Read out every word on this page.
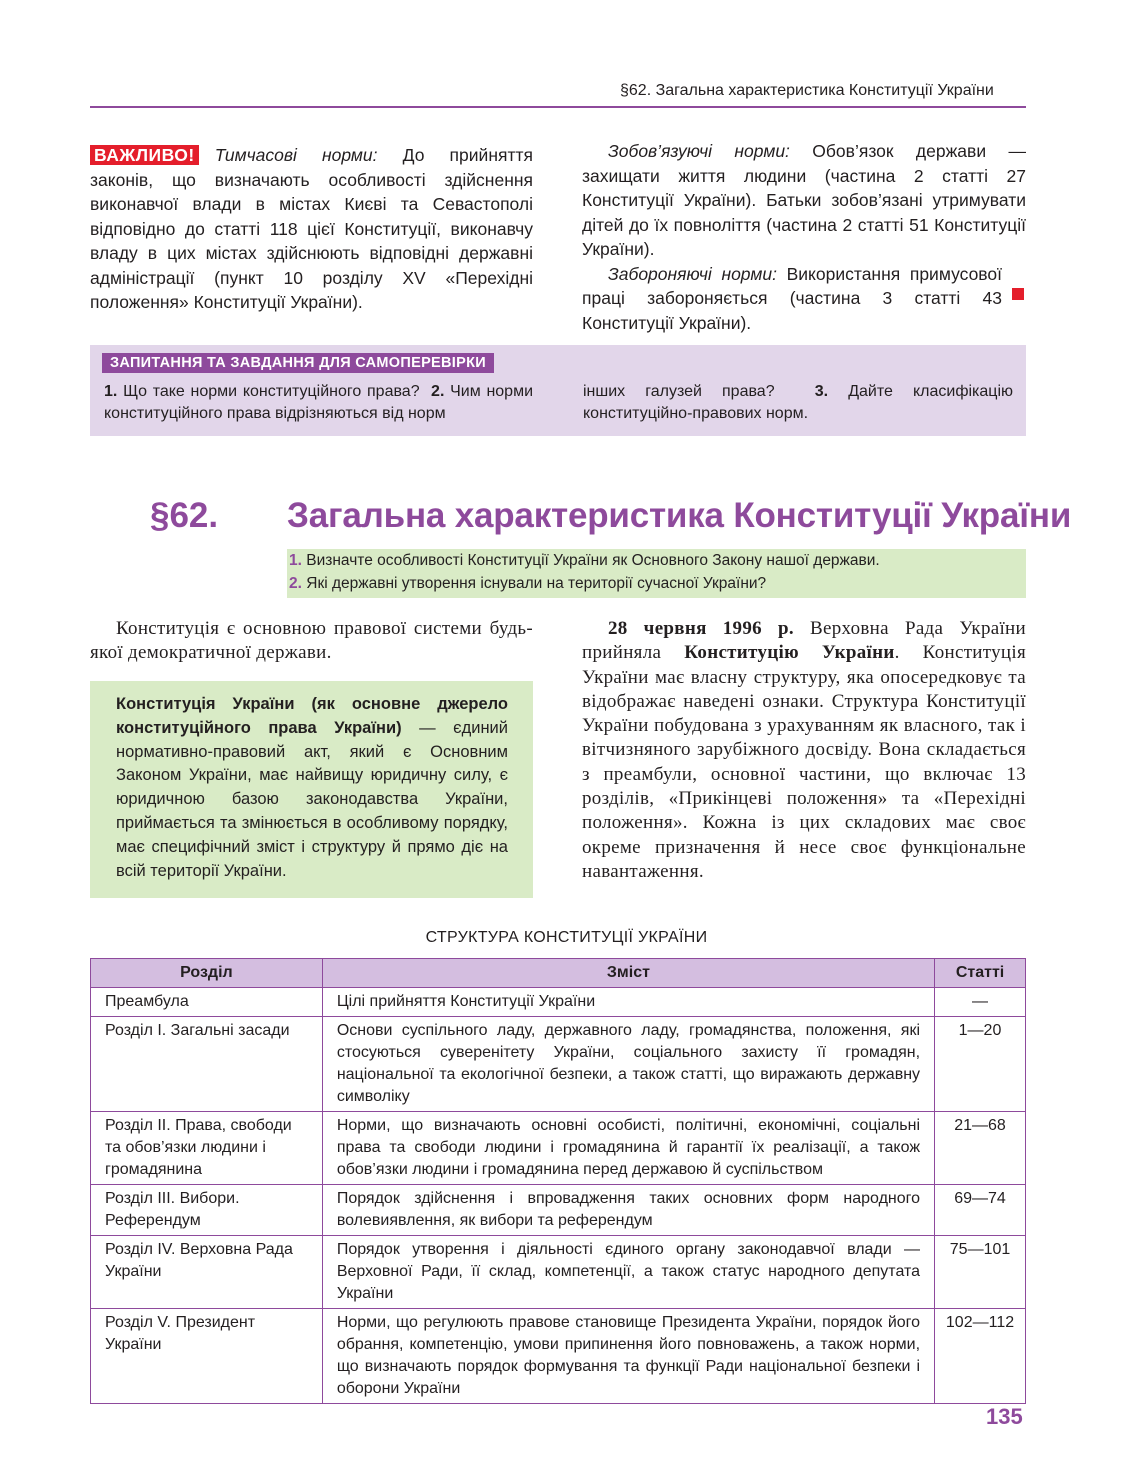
§62. Загальна характеристика Конституції України
ВАЖЛИВО! Тимчасові норми: До прийняття законів, що визначають особливості здійснення виконавчої влади в містах Києві та Севастополі відповідно до статті 118 цієї Конституції, виконавчу владу в цих містах здійснюють відповідні державні адміністрації (пункт 10 розділу XV «Перехідні положення» Конституції України).
Зобов’язуючі норми: Обов’язок держави — захищати життя людини (частина 2 статті 27 Конституції України). Батьки зобов’язані утримувати дітей до їх повноліття (частина 2 статті 51 Конституції України).
Забороняючі норми: Використання примусової праці забороняється (частина 3 статті 43 Конституції України).
ЗАПИТАННЯ ТА ЗАВДАННЯ ДЛЯ САМОПЕРЕВІРКИ
1. Що таке норми конституційного права? 2. Чим норми конституційного права відрізняються від норм
інших галузей права?	3. Дайте класифікацію конституційно-правових норм.
§62. Загальна характеристика Конституції України
1. Визначте особливості Конституції України як Основного Закону нашої держави.
2. Які державні утворення існували на території сучасної України?
Конституція є основною правової системи будь-якої демократичної держави.
Конституція України (як основне джерело конституційного права України) — єдиний нормативно-правовий акт, який є Основним Законом України, має найвищу юридичну силу, є юридичною базою законодавства України, приймається та змінюється в особливому порядку, має специфічний зміст і структуру й прямо діє на всій території України.
28 червня 1996 р. Верховна Рада України прийняла Конституцію України. Конституція України має власну структуру, яка опосередковує та відображає наведені ознаки. Структура Конституції України побудована з урахуванням як власного, так і вітчизняного зарубіжного досвіду. Вона складається з преамбули, основної частини, що включає 13 розділів, «Прикінцеві положення» та «Перехідні положення». Кожна із цих складових має своє окреме призначення й несе своє функціональне навантаження.
СТРУКТУРА КОНСТИТУЦІЇ УКРАЇНИ
Розділ	Зміст	Статті
Преамбула	Цілі прийняття Конституції України	—
Розділ I. Загальні засади	Основи суспільного ладу, державного ладу, громадянства, положення, які стосуються суверенітету України, соціального захисту її громадян, національної та екологічної безпеки, а також статті, що виражають державну символіку	1—20
Розділ II. Права, свободи та обов’язки людини і громадянина	Норми, що визначають основні особисті, політичні, економічні, соціальні права та свободи людини і громадянина й гарантії їх реалізації, а також обов’язки людини і громадянина перед державою й суспільством	21—68
Розділ III. Вибори. Референдум	Порядок здійснення і впровадження таких основних форм народного волевиявлення, як вибори та референдум	69—74
Розділ IV. Верховна Рада України	Порядок утворення і діяльності єдиного органу законодавчої влади — Верховної Ради, її склад, компетенції, а також статус народного депутата України	75—101
Розділ V. Президент України	Норми, що регулюють правове становище Президента України, порядок його обрання, компетенцію, умови припинення його повноважень, а також норми, що визначають порядок формування та функції Ради національної безпеки і оборони України	102—112
135
